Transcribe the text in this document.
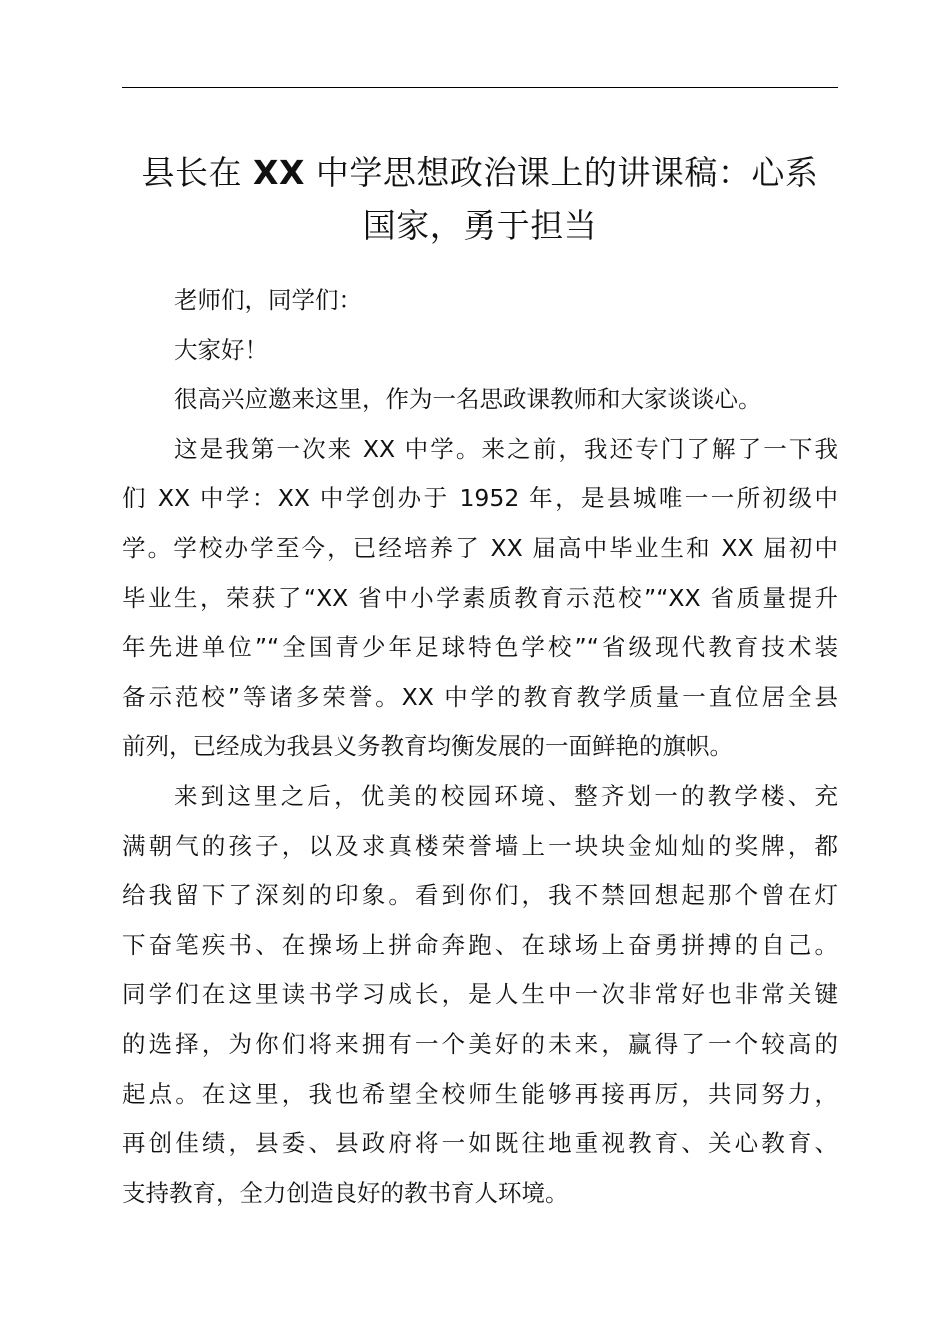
县长在 XX 中学思想政治课上的讲课稿：心系
国家，勇于担当
老师们，同学们：
大家好！
很高兴应邀来这里，作为一名思政课教师和大家谈谈心。
这是我第一次来 XX 中学。来之前，我还专门了解了一下我
们 XX 中学：XX 中学创办于 1952 年，是县城唯一一所初级中
学。学校办学至今，已经培养了 XX 届高中毕业生和 XX 届初中
毕业生，荣获了“XX 省中小学素质教育示范校”“XX 省质量提升
年先进单位”“全国青少年足球特色学校”“省级现代教育技术装
备示范校”等诸多荣誉。XX 中学的教育教学质量一直位居全县
前列，已经成为我县义务教育均衡发展的一面鲜艳的旗帜。
来到这里之后，优美的校园环境、整齐划一的教学楼、充
满朝气的孩子，以及求真楼荣誉墙上一块块金灿灿的奖牌，都
给我留下了深刻的印象。看到你们，我不禁回想起那个曾在灯
下奋笔疾书、在操场上拼命奔跑、在球场上奋勇拼搏的自己。
同学们在这里读书学习成长，是人生中一次非常好也非常关键
的选择，为你们将来拥有一个美好的未来，赢得了一个较高的
起点。在这里，我也希望全校师生能够再接再厉，共同努力，
再创佳绩，县委、县政府将一如既往地重视教育、关心教育、
支持教育，全力创造良好的教书育人环境。
